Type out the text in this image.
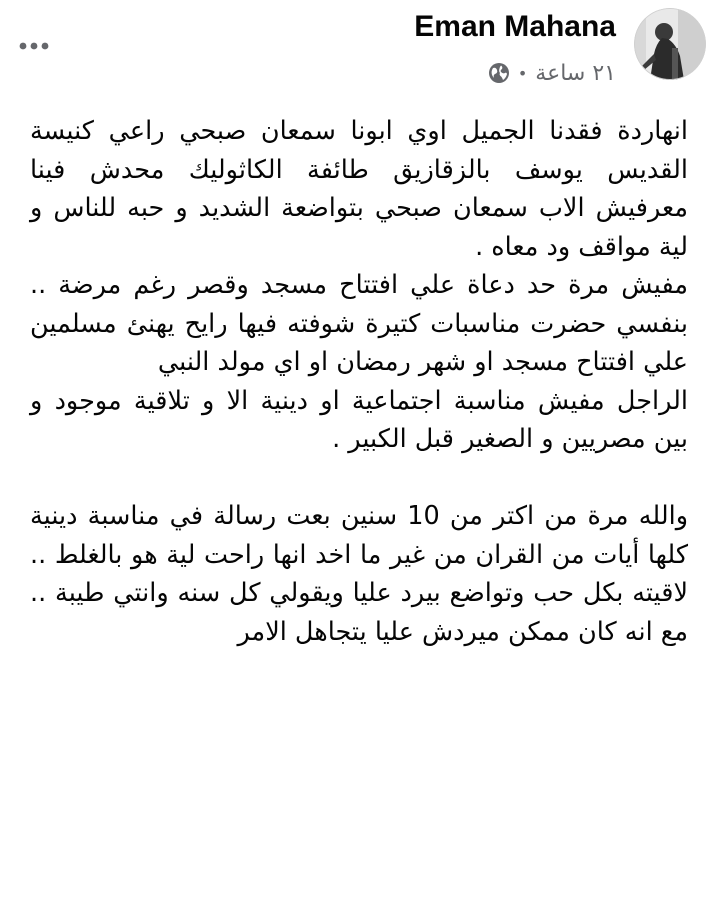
Eman Mahana
٢١ ساعة
•

انهاردة فقدنا الجميل اوي ابونا سمعان صبحي راعي كنيسة القديس يوسف بالزقازيق طائفة الكاثوليك محدش فينا معرفيش الاب سمعان صبحي بتواضعة الشديد و حبه للناس و لية مواقف ود معاه .

مفيش مرة حد دعاة علي افتتاح مسجد وقصر رغم مرضة .. بنفسي حضرت مناسبات كتيرة شوفته فيها رايح يهنئ مسلمين علي افتتاح مسجد او شهر رمضان او اي مولد النبي

الراجل مفيش مناسبة اجتماعية او دينية الا و تلاقية موجود و بين مصريين و الصغير قبل الكبير .

والله مرة من اكتر من 10 سنين بعت رسالة في مناسبة دينية كلها أيات من القران من غير ما اخد انها راحت لية هو بالغلط .. لاقيته بكل حب وتواضع بيرد عليا ويقولي كل سنه وانتي طيبة .. مع انه كان ممكن ميردش عليا يتجاهل الامر
